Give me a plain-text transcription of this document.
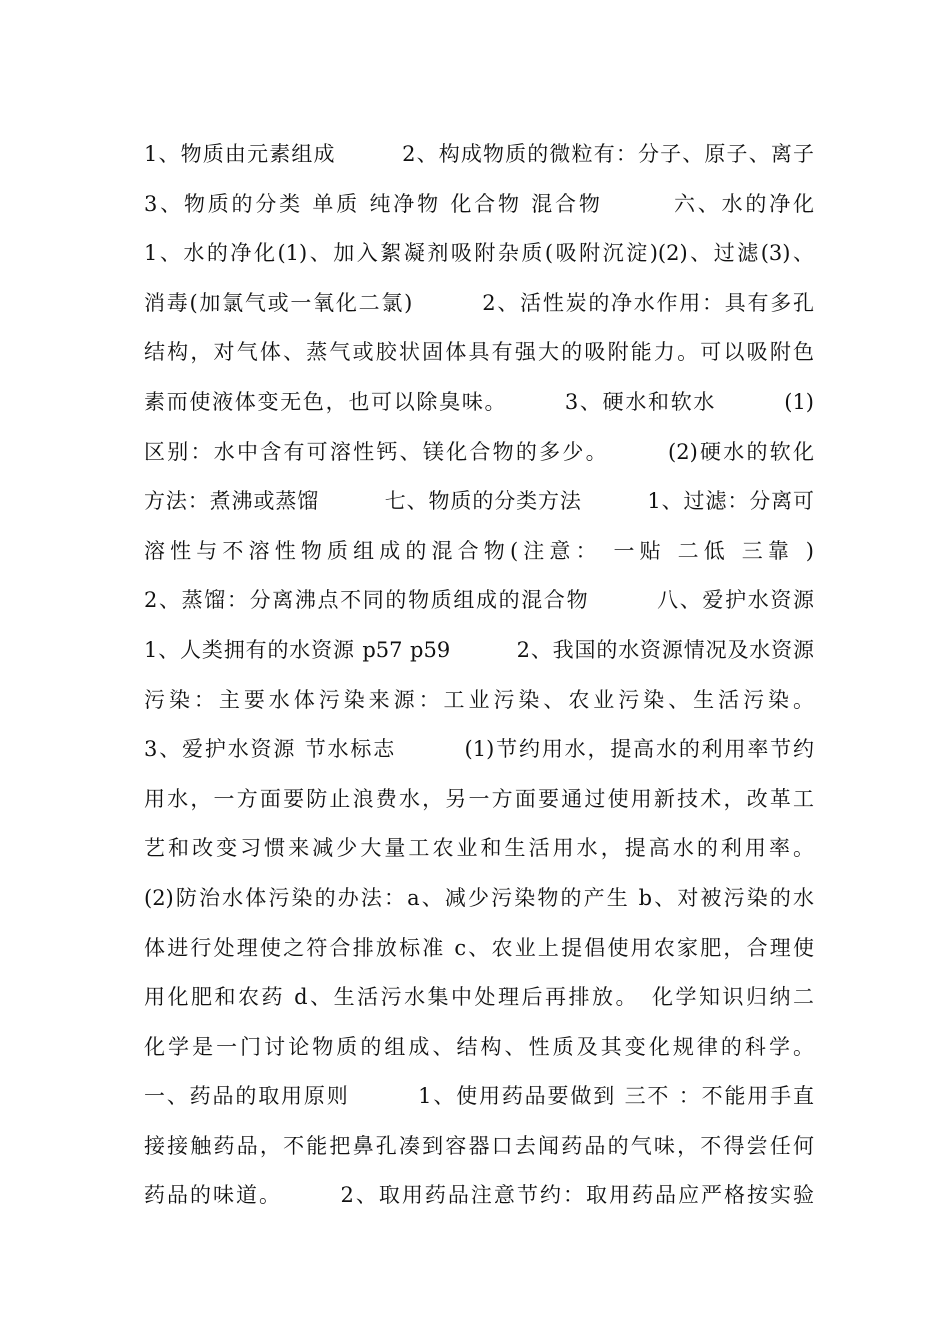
1、物质由元素组成　　　2、构成物质的微粒有：分子、原子、离子
3、物质的分类 单质 纯净物 化合物 混合物　　　六、水的净化
1、水的净化(1)、加入絮凝剂吸附杂质(吸附沉淀)(2)、过滤(3)、
消毒(加氯气或一氧化二氯)　　　2、活性炭的净水作用：具有多孔
结构，对气体、蒸气或胶状固体具有强大的吸附能力。可以吸附色
素而使液体变无色，也可以除臭味。　　　3、硬水和软水　　　(1)
区别：水中含有可溶性钙、镁化合物的多少。　　　(2)硬水的软化
方法：煮沸或蒸馏　　　七、物质的分类方法　　　1、过滤：分离可
溶性与不溶性物质组成的混合物(注意： 一贴 二低 三靠 )
2、蒸馏：分离沸点不同的物质组成的混合物　　　八、爱护水资源
1、人类拥有的水资源 p57 p59　　　2、我国的水资源情况及水资源
污染：主要水体污染来源：工业污染、农业污染、生活污染。
3、爱护水资源 节水标志　　　(1)节约用水，提高水的利用率节约
用水，一方面要防止浪费水，另一方面要通过使用新技术，改革工
艺和改变习惯来减少大量工农业和生活用水，提高水的利用率。
(2)防治水体污染的办法：a、减少污染物的产生 b、对被污染的水
体进行处理使之符合排放标准 c、农业上提倡使用农家肥，合理使
用化肥和农药 d、生活污水集中处理后再排放。　化学知识归纳二
化学是一门讨论物质的组成、结构、性质及其变化规律的科学。
一、药品的取用原则　　　1、使用药品要做到 三不 ：不能用手直
接接触药品，不能把鼻孔凑到容器口去闻药品的气味，不得尝任何
药品的味道。　　　2、取用药品注意节约：取用药品应严格按实验
